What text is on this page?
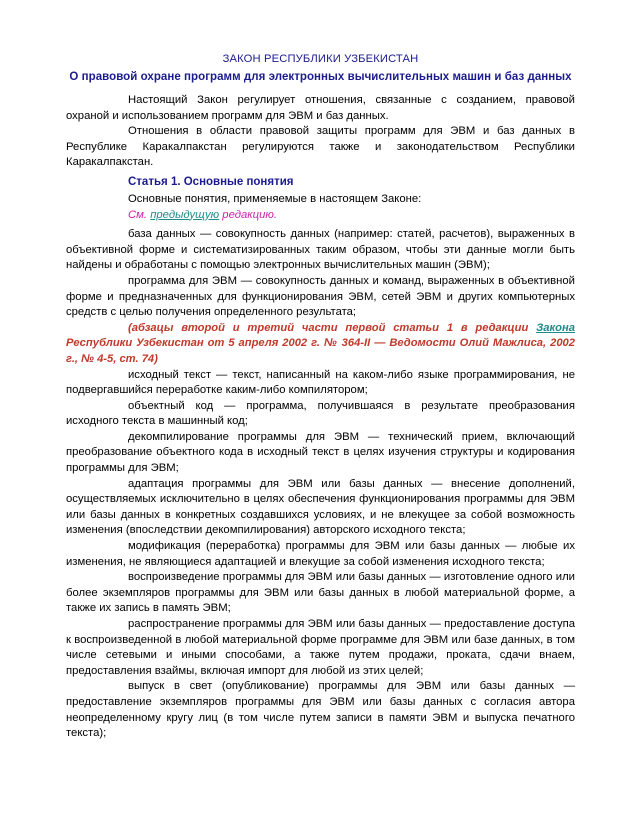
ЗАКОН РЕСПУБЛИКИ УЗБЕКИСТАН
О правовой охране программ для электронных вычислительных машин и баз данных

Настоящий Закон регулирует отношения, связанные с созданием, правовой охраной и использованием программ для ЭВМ и баз данных.

Отношения в области правовой защиты программ для ЭВМ и баз данных в Республике Каракалпакстан регулируются также и законодательством Республики Каракалпакстан.

Статья 1. Основные понятия

Основные понятия, применяемые в настоящем Законе:

См. предыдущую редакцию.

база данных — совокупность данных (например: статей, расчетов), выраженных в объективной форме и систематизированных таким образом, чтобы эти данные могли быть найдены и обработаны с помощью электронных вычислительных машин (ЭВМ);

программа для ЭВМ — совокупность данных и команд, выраженных в объективной форме и предназначенных для функционирования ЭВМ, сетей ЭВМ и других компьютерных средств с целью получения определенного результата;

(абзацы второй и третий части первой статьи 1 в редакции Закона Республики Узбекистан от 5 апреля 2002 г. № 364-II — Ведомости Олий Мажлиса, 2002 г., № 4-5, ст. 74)

исходный текст — текст, написанный на каком-либо языке программирования, не подвергавшийся переработке каким-либо компилятором;

объектный код — программа, получившаяся в результате преобразования исходного текста в машинный код;

декомпилирование программы для ЭВМ — технический прием, включающий преобразование объектного кода в исходный текст в целях изучения структуры и кодирования программы для ЭВМ;

адаптация программы для ЭВМ или базы данных — внесение дополнений, осуществляемых исключительно в целях обеспечения функционирования программы для ЭВМ или базы данных в конкретных создавшихся условиях, и не влекущее за собой возможность изменения (впоследствии декомпилирования) авторского исходного текста;

модификация (переработка) программы для ЭВМ или базы данных — любые их изменения, не являющиеся адаптацией и влекущие за собой изменения исходного текста;

воспроизведение программы для ЭВМ или базы данных — изготовление одного или более экземпляров программы для ЭВМ или базы данных в любой материальной форме, а также их запись в память ЭВМ;

распространение программы для ЭВМ или базы данных — предоставление доступа к воспроизведенной в любой материальной форме программе для ЭВМ или базе данных, в том числе сетевыми и иными способами, а также путем продажи, проката, сдачи внаем, предоставления взаймы, включая импорт для любой из этих целей;

выпуск в свет (опубликование) программы для ЭВМ или базы данных — предоставление экземпляров программы для ЭВМ или базы данных с согласия автора неопределенному кругу лиц (в том числе путем записи в памяти ЭВМ и выпуска печатного текста);
